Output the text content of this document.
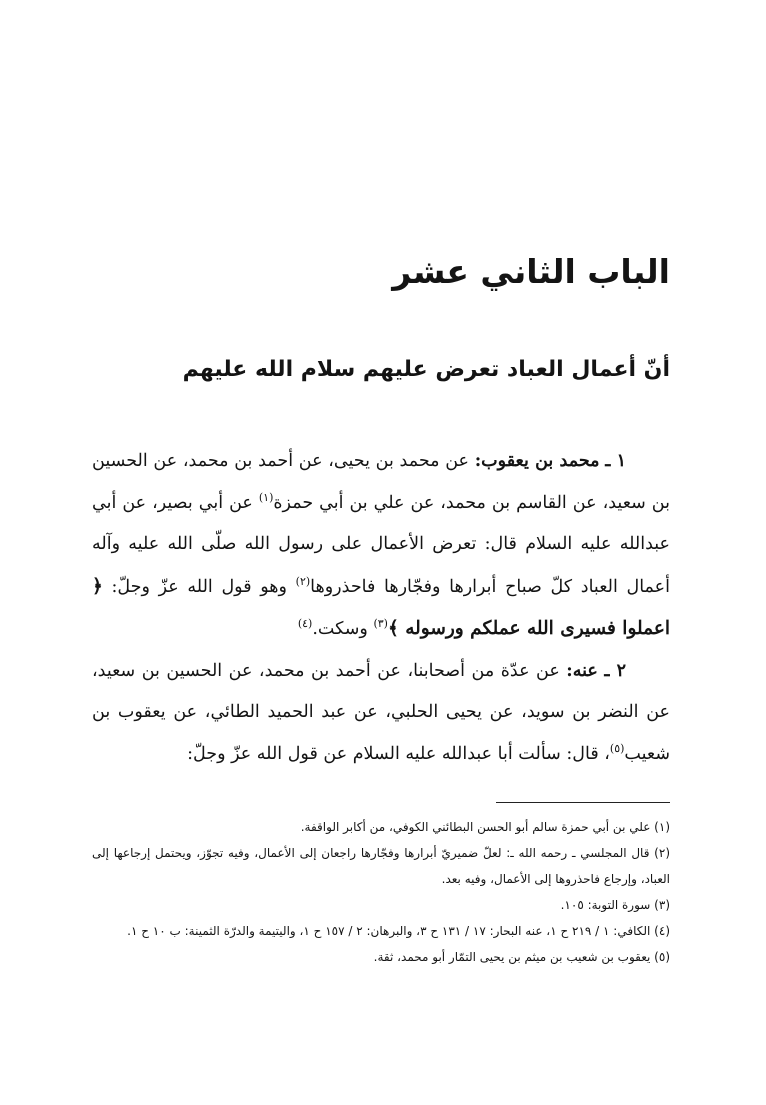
الباب الثاني عشر
أنّ أعمال العباد تعرض عليهم سلام الله عليهم

١ ـ محمد بن يعقوب: عن محمد بن يحيى، عن أحمد بن محمد، عن الحسين بن سعيد، عن القاسم بن محمد، عن علي بن أبي حمزة$^{(١)}$ عن أبي بصير، عن أبي عبدالله عليه السلام قال: تعرض الأعمال على رسول الله صلّى الله عليه وآله أعمال العباد كلّ صباح أبرارها وفجّارها فاحذروها$^{(٢)}$ وهو قول الله عزّ وجلّ: ﴿ اعملوا فسيرى الله عملكم ورسوله ﴾$^{(٣)}$ وسكت.$^{(٤)}$

٢ ـ عنه: عن عدّة من أصحابنا، عن أحمد بن محمد، عن الحسين بن سعيد، عن النضر بن سويد، عن يحيى الحلبي، عن عبد الحميد الطائي، عن يعقوب بن شعيب$^{(٥)}$، قال: سألت أبا عبدالله عليه السلام عن قول الله عزّ وجلّ:

(١) علي بن أبي حمزة سالم أبو الحسن البطائني الكوفي، من أكابر الواقفة.

(٢) قال المجلسي ـ رحمه الله ـ: لعلّ ضميريّ أبرارها وفجّارها راجعان إلى الأعمال، وفيه تجوّز، ويحتمل إرجاعها إلى العباد، وإرجاع فاحذروها إلى الأعمال، وفيه بعد.

(٣) سورة التوبة: ١٠٥.

(٤) الكافي: ١ / ٢١٩ ح ١، عنه البحار: ١٧ / ١٣١ ح ٣، والبرهان: ٢ / ١٥٧ ح ١، واليتيمة والدرّة الثمينة: ب ١٠ ح ١.

(٥) يعقوب بن شعيب بن ميثم بن يحيى التمّار أبو محمد، ثقة.
